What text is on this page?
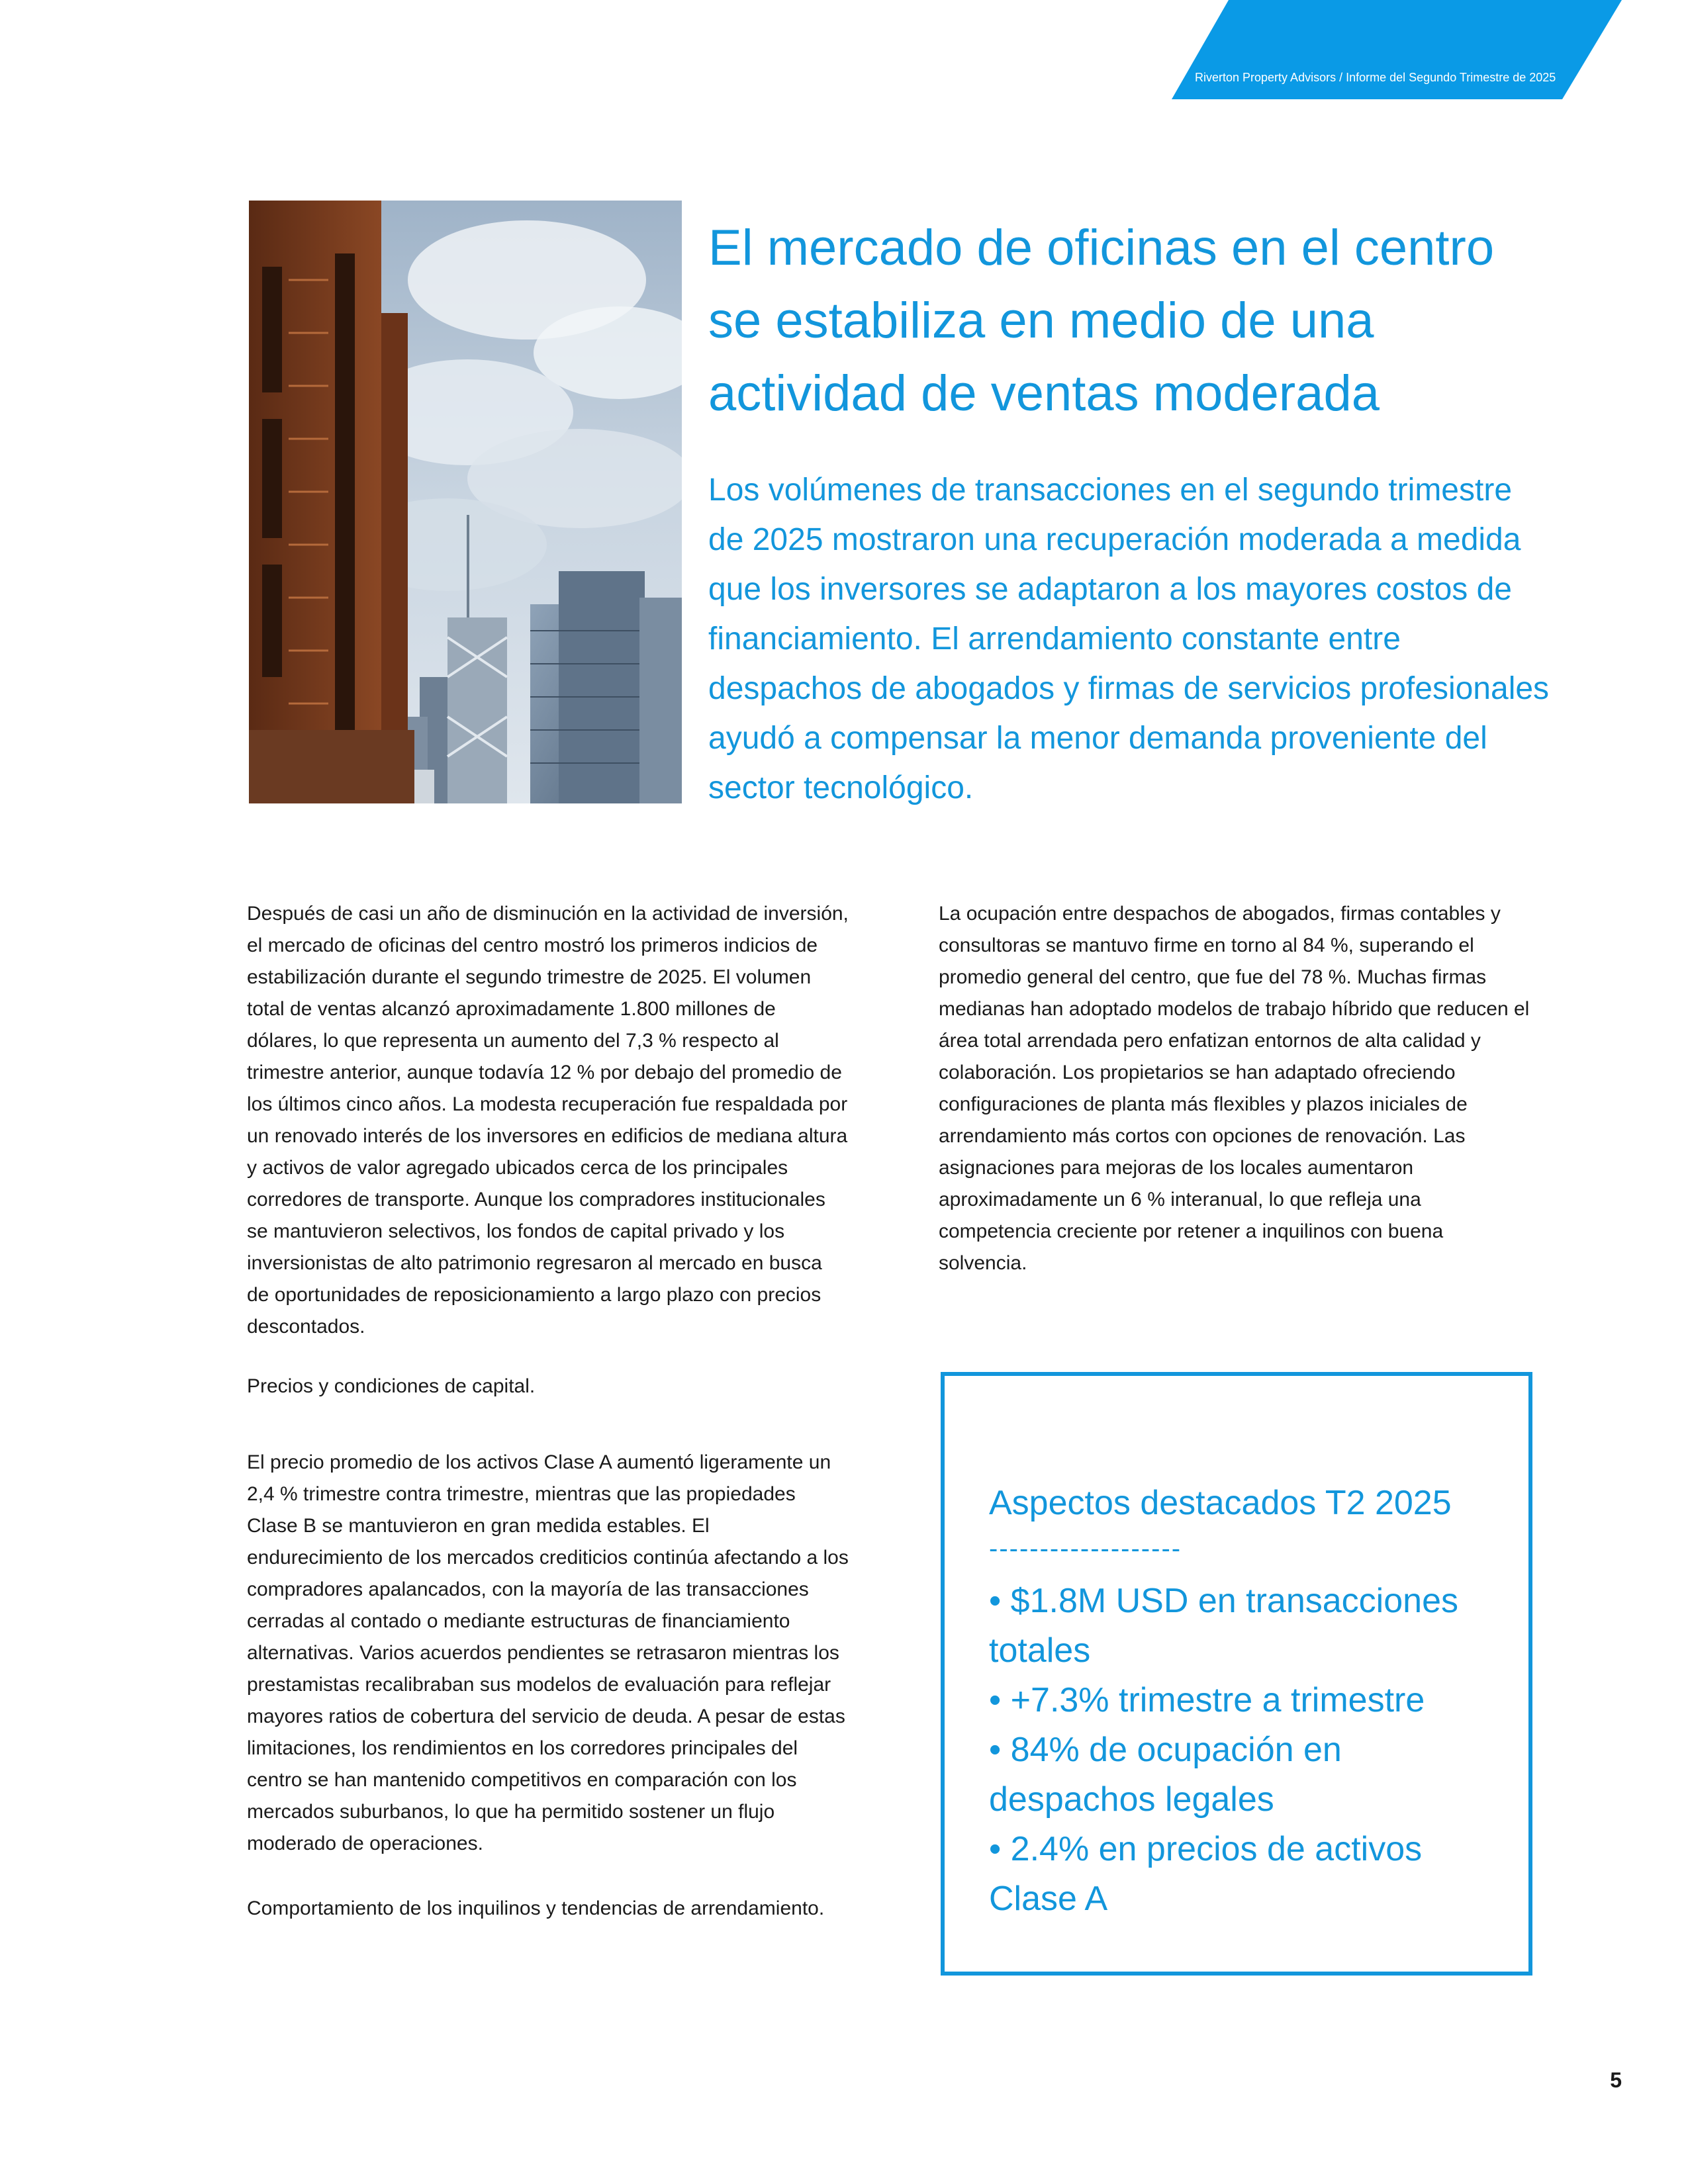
Riverton Property Advisors / Informe del Segundo Trimestre de 2025
El mercado de oficinas en el centro se estabiliza en medio de una actividad de ventas moderada

Los volúmenes de transacciones en el segundo trimestre de 2025 mostraron una recuperación moderada a medida que los inversores se adaptaron a los mayores costos de financiamiento. El arrendamiento constante entre despachos de abogados y firmas de servicios profesionales ayudó a compensar la menor demanda proveniente del sector tecnológico.

Después de casi un año de disminución en la actividad de inversión, el mercado de oficinas del centro mostró los primeros indicios de estabilización durante el segundo trimestre de 2025. El volumen total de ventas alcanzó aproximadamente 1.800 millones de dólares, lo que representa un aumento del 7,3 % respecto al trimestre anterior, aunque todavía 12 % por debajo del promedio de los últimos cinco años. La modesta recuperación fue respaldada por un renovado interés de los inversores en edificios de mediana altura y activos de valor agregado ubicados cerca de los principales corredores de transporte. Aunque los compradores institucionales se mantuvieron selectivos, los fondos de capital privado y los inversionistas de alto patrimonio regresaron al mercado en busca de oportunidades de reposicionamiento a largo plazo con precios descontados.

Precios y condiciones de capital.

El precio promedio de los activos Clase A aumentó ligeramente un 2,4 % trimestre contra trimestre, mientras que las propiedades Clase B se mantuvieron en gran medida estables. El endurecimiento de los mercados crediticios continúa afectando a los compradores apalancados, con la mayoría de las transacciones cerradas al contado o mediante estructuras de financiamiento alternativas. Varios acuerdos pendientes se retrasaron mientras los prestamistas recalibraban sus modelos de evaluación para reflejar mayores ratios de cobertura del servicio de deuda. A pesar de estas limitaciones, los rendimientos en los corredores principales del centro se han mantenido competitivos en comparación con los mercados suburbanos, lo que ha permitido sostener un flujo moderado de operaciones.

Comportamiento de los inquilinos y tendencias de arrendamiento.

La ocupación entre despachos de abogados, firmas contables y consultoras se mantuvo firme en torno al 84 %, superando el promedio general del centro, que fue del 78 %. Muchas firmas medianas han adoptado modelos de trabajo híbrido que reducen el área total arrendada pero enfatizan entornos de alta calidad y colaboración. Los propietarios se han adaptado ofreciendo configuraciones de planta más flexibles y plazos iniciales de arrendamiento más cortos con opciones de renovación. Las asignaciones para mejoras de los locales aumentaron aproximadamente un 6 % interanual, lo que refleja una competencia creciente por retener a inquilinos con buena solvencia.

Aspectos destacados T2 2025
-------------------
• $1.8M USD en transacciones totales
• +7.3% trimestre a trimestre
• 84% de ocupación en despachos legales
• 2.4% en precios de activos Clase A
5
